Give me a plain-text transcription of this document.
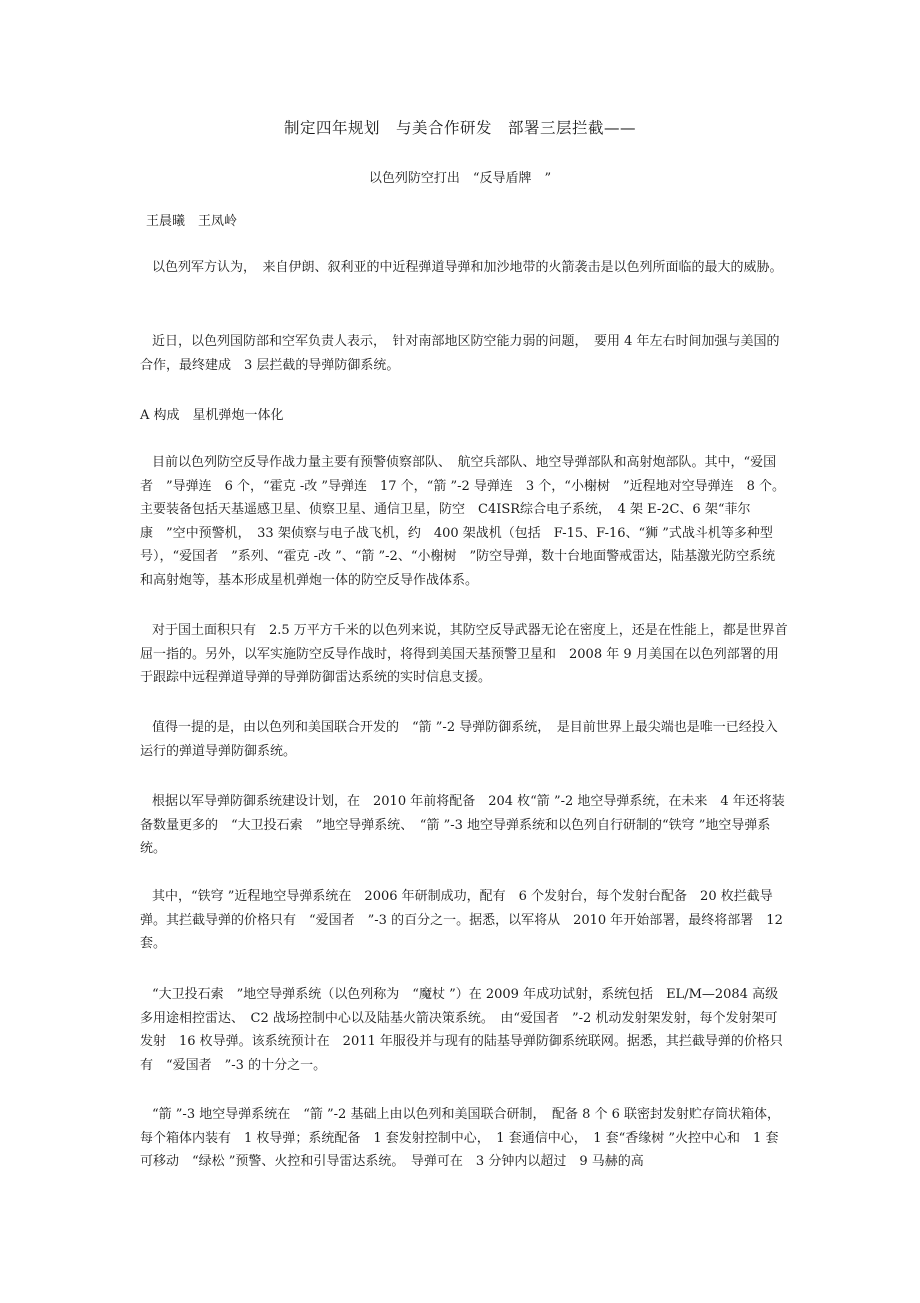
制定四年规划　与美合作研发　部署三层拦截——
以色列防空打出　“反导盾牌　”
王晨曦　王凤岭

以色列军方认为，　来自伊朗、叙利亚的中近程弹道导弹和加沙地带的火箭袭击是以色列所面临的最大的威胁。

近日，以色列国防部和空军负责人表示，　针对南部地区防空能力弱的问题，　要用 4 年左右时间加强与美国的合作，最终建成　3 层拦截的导弹防御系统。

A 构成　星机弹炮一体化

目前以色列防空反导作战力量主要有预警侦察部队、　航空兵部队、地空导弹部队和高射炮部队。其中，“爱国者　”导弹连　6 个，“霍克 -改 ”导弹连　17 个，“箭 ”-2 导弹连　3 个，“小榭树　”近程地对空导弹连　8 个。主要装备包括天基遥感卫星、侦察卫星、通信卫星，防空　C4ISR综合电子系统，　4 架 E-2C、6 架“菲尔康　”空中预警机，　33 架侦察与电子战飞机，约　400 架战机（包括　F-15、F-16、“狮 ”式战斗机等多种型号），“爱国者　”系列、“霍克 -改 ”、“箭 ”-2、“小榭树　”防空导弹，数十台地面警戒雷达，陆基激光防空系统和高射炮等，基本形成星机弹炮一体的防空反导作战体系。

对于国土面积只有　2.5 万平方千米的以色列来说，其防空反导武器无论在密度上，还是在性能上，都是世界首屈一指的。另外，以军实施防空反导作战时，将得到美国天基预警卫星和　2008 年 9 月美国在以色列部署的用于跟踪中远程弹道导弹的导弹防御雷达系统的实时信息支援。

值得一提的是，由以色列和美国联合开发的　“箭 ”-2 导弹防御系统，　是目前世界上最尖端也是唯一已经投入运行的弹道导弹防御系统。

根据以军导弹防御系统建设计划，在　2010 年前将配备　204 枚“箭 ”-2 地空导弹系统，在未来　4 年还将装备数量更多的　“大卫投石索　”地空导弹系统、　“箭 ”-3 地空导弹系统和以色列自行研制的“铁穹 ”地空导弹系统。

其中，“铁穹 ”近程地空导弹系统在　2006 年研制成功，配有　6 个发射台，每个发射台配备　20 枚拦截导弹。其拦截导弹的价格只有　“爱国者　”-3 的百分之一。据悉，以军将从　2010 年开始部署，最终将部署　12 套。

“大卫投石索　”地空导弹系统（以色列称为　“魔杖 ”）在 2009 年成功试射，系统包括　EL/M—2084 高级多用途相控雷达、　C2 战场控制中心以及陆基火箭决策系统。　由“爱国者　”-2 机动发射架发射，每个发射架可发射　16 枚导弹。该系统预计在　2011 年服役并与现有的陆基导弹防御系统联网。据悉，其拦截导弹的价格只有　“爱国者　”-3 的十分之一。

“箭 ”-3 地空导弹系统在　“箭 ”-2 基础上由以色列和美国联合研制，　配备 8 个 6 联密封发射贮存筒状箱体，每个箱体内装有　1 枚导弹；系统配备　1 套发射控制中心，　1 套通信中心，　1 套“香缘树 ”火控中心和　1 套可移动　“绿松 ”预警、火控和引导雷达系统。　导弹可在　3 分钟内以超过　9 马赫的高
